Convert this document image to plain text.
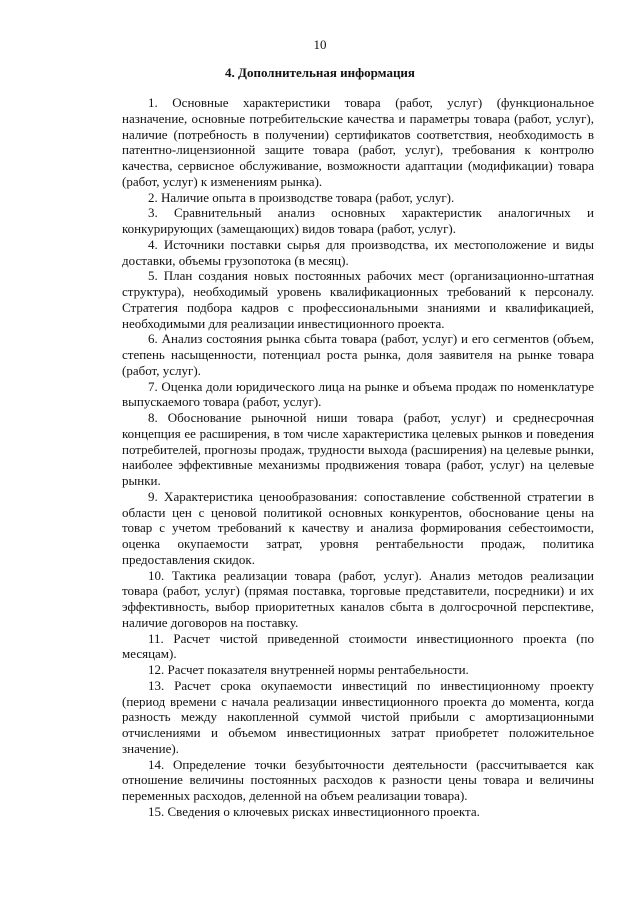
10
4. Дополнительная информация

1. Основные характеристики товара (работ, услуг) (функциональное назначение, основные потребительские качества и параметры товара (работ, услуг), наличие (потребность в получении) сертификатов соответствия, необходимость в патентно-лицензионной защите товара (работ, услуг), требования к контролю качества, сервисное обслуживание, возможности адаптации (модификации) товара (работ, услуг) к изменениям рынка).

2. Наличие опыта в производстве товара (работ, услуг).

3. Сравнительный анализ основных характеристик аналогичных и конкурирующих (замещающих) видов товара (работ, услуг).

4. Источники поставки сырья для производства, их местоположение и виды доставки, объемы грузопотока (в месяц).

5. План создания новых постоянных рабочих мест (организационно-штатная структура), необходимый уровень квалификационных требований к персоналу. Стратегия подбора кадров с профессиональными знаниями и квалификацией, необходимыми для реализации инвестиционного проекта.

6. Анализ состояния рынка сбыта товара (работ, услуг) и его сегментов (объем, степень насыщенности, потенциал роста рынка, доля заявителя на рынке товара (работ, услуг).

7. Оценка доли юридического лица на рынке и объема продаж по номенклатуре выпускаемого товара (работ, услуг).

8. Обоснование рыночной ниши товара (работ, услуг) и среднесрочная концепция ее расширения, в том числе характеристика целевых рынков и поведения потребителей, прогнозы продаж, трудности выхода (расширения) на целевые рынки, наиболее эффективные механизмы продвижения товара (работ, услуг) на целевые рынки.

9. Характеристика ценообразования: сопоставление собственной стратегии в области цен с ценовой политикой основных конкурентов, обоснование цены на товар с учетом требований к качеству и анализа формирования себестоимости, оценка окупаемости затрат, уровня рентабельности продаж, политика предоставления скидок.

10. Тактика реализации товара (работ, услуг). Анализ методов реализации товара (работ, услуг) (прямая поставка, торговые представители, посредники) и их эффективность, выбор приоритетных каналов сбыта в долгосрочной перспективе, наличие договоров на поставку.

11. Расчет чистой приведенной стоимости инвестиционного проекта (по месяцам).

12. Расчет показателя внутренней нормы рентабельности.

13. Расчет срока окупаемости инвестиций по инвестиционному проекту (период времени с начала реализации инвестиционного проекта до момента, когда разность между накопленной суммой чистой прибыли с амортизационными отчислениями и объемом инвестиционных затрат приобретет положительное значение).

14. Определение точки безубыточности деятельности (рассчитывается как отношение величины постоянных расходов к разности цены товара и величины переменных расходов, деленной на объем реализации товара).

15. Сведения о ключевых рисках инвестиционного проекта.
